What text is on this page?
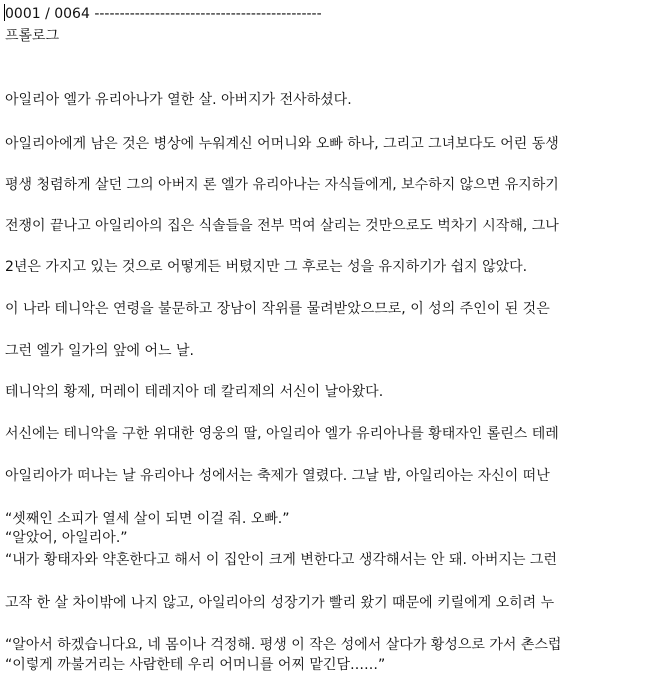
0001 / 0064 ---------------------------------------------
프롤로그
아일리아 엘가 유리아나가 열한 살. 아버지가 전사하셨다.
아일리아에게 남은 것은 병상에 누워계신 어머니와 오빠 하나, 그리고 그녀보다도 어린 동생
평생 청렴하게 살던 그의 아버지 론 엘가 유리아나는 자식들에게, 보수하지 않으면 유지하기
전쟁이 끝나고 아일리아의 집은 식솔들을 전부 먹여 살리는 것만으로도 벅차기 시작해, 그나
2년은 가지고 있는 것으로 어떻게든 버텼지만 그 후로는 성을 유지하기가 쉽지 않았다.
이 나라 테니악은 연령을 불문하고 장남이 작위를 물려받았으므로, 이 성의 주인이 된 것은
그런 엘가 일가의 앞에 어느 날.
테니악의 황제, 머레이 테레지아 데 칼리제의 서신이 날아왔다.
서신에는 테니악을 구한 위대한 영웅의 딸, 아일리아 엘가 유리아나를 황태자인 롤린스 테레
아일리아가 떠나는 날 유리아나 성에서는 축제가 열렸다. 그날 밤, 아일리아는 자신이 떠난
“셋째인 소피가 열세 살이 되면 이걸 줘. 오빠.”
“알았어, 아일리아.”
“내가 황태자와 약혼한다고 해서 이 집안이 크게 변한다고 생각해서는 안 돼. 아버지는 그런
고작 한 살 차이밖에 나지 않고, 아일리아의 성장기가 빨리 왔기 때문에 키릴에게 오히려 누
“알아서 하겠습니다요, 네 몸이나 걱정해. 평생 이 작은 성에서 살다가 황성으로 가서 촌스럽
“이렇게 까불거리는 사람한테 우리 어머니를 어찌 맡긴담……”
